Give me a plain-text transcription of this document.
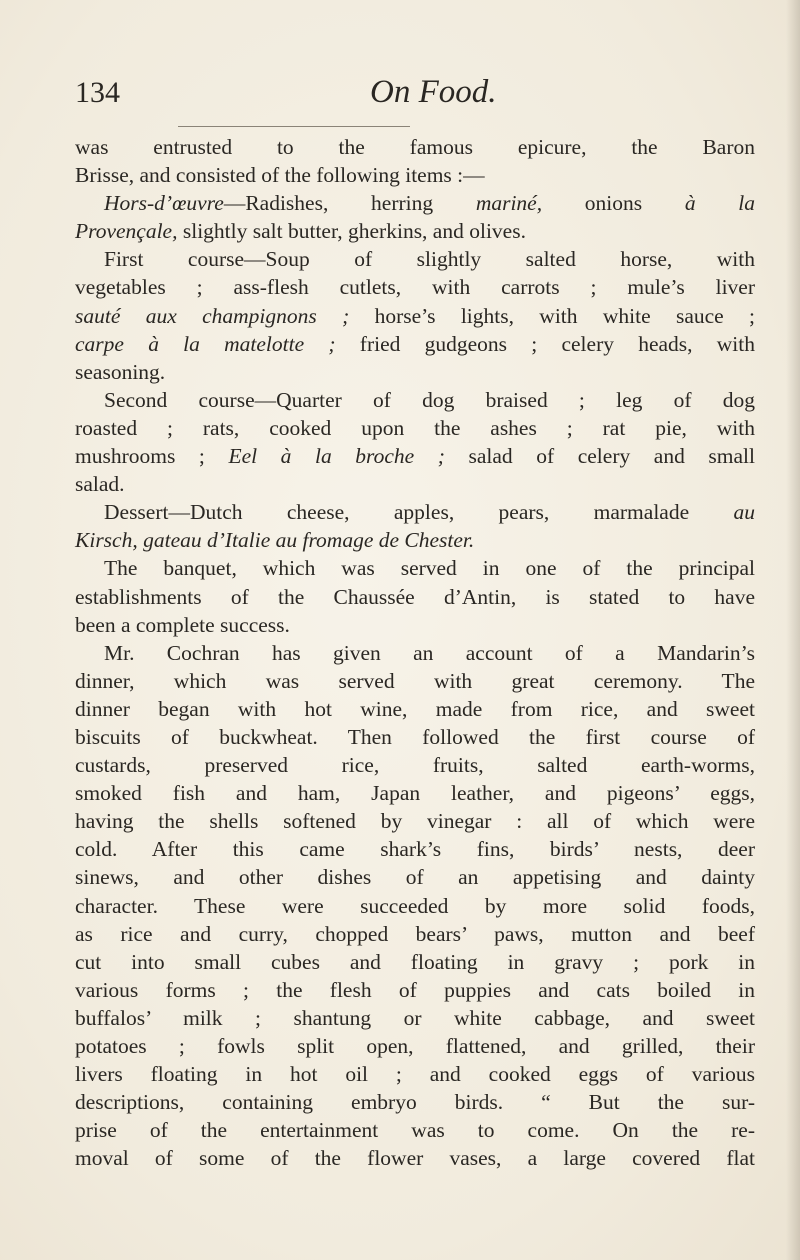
134	On Food.
was entrusted to the famous epicure, the Baron
Brisse, and consisted of the following items :—
Hors-d’œuvre—Radishes, herring mariné, onions à la
Provençale, slightly salt butter, gherkins, and olives.
First course—Soup of slightly salted horse, with
vegetables ; ass-flesh cutlets, with carrots ; mule’s liver
sauté aux champignons ; horse’s lights, with white sauce ;
carpe à la matelotte ; fried gudgeons ; celery heads, with
seasoning.
Second course—Quarter of dog braised ; leg of dog
roasted ; rats, cooked upon the ashes ; rat pie, with
mushrooms ; Eel à la broche ; salad of celery and small
salad.
Dessert—Dutch cheese, apples, pears, marmalade au
Kirsch, gateau d’Italie au fromage de Chester.
The banquet, which was served in one of the principal
establishments of the Chaussée d’Antin, is stated to have
been a complete success.
Mr. Cochran has given an account of a Mandarin’s
dinner, which was served with great ceremony. The
dinner began with hot wine, made from rice, and sweet
biscuits of buckwheat. Then followed the first course of
custards, preserved rice, fruits, salted earth-worms,
smoked fish and ham, Japan leather, and pigeons’ eggs,
having the shells softened by vinegar : all of which were
cold. After this came shark’s fins, birds’ nests, deer
sinews, and other dishes of an appetising and dainty
character. These were succeeded by more solid foods,
as rice and curry, chopped bears’ paws, mutton and beef
cut into small cubes and floating in gravy ; pork in
various forms ; the flesh of puppies and cats boiled in
buffalos’ milk ; shantung or white cabbage, and sweet
potatoes ; fowls split open, flattened, and grilled, their
livers floating in hot oil ; and cooked eggs of various
descriptions, containing embryo birds. “ But the sur-
prise of the entertainment was to come. On the re-
moval of some of the flower vases, a large covered flat
